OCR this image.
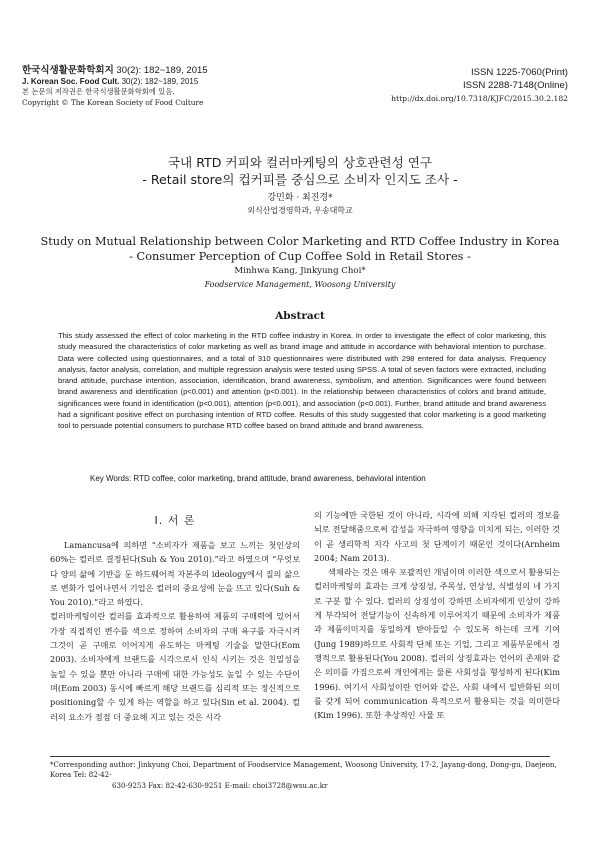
한국식생활문화학회지 30(2): 182~189, 2015
J. Korean Soc. Food Cult. 30(2): 182~189, 2015
본 논문의 저작권은 한국식생활문화학회에 있음.
Copyright © The Korean Society of Food Culture
ISSN 1225-7060(Print)
ISSN 2288-7148(Online)
http://dx.doi.org/10.7318/KJFC/2015.30.2.182
국내 RTD 커피와 컬러마케팅의 상호관련성 연구
- Retail store의 컵커피를 중심으로 소비자 인지도 조사 -
강민화 · 최진경*
외식산업경영학과, 우송대학교
Study on Mutual Relationship between Color Marketing and RTD Coffee Industry in Korea
- Consumer Perception of Cup Coffee Sold in Retail Stores -
Minhwa Kang, Jinkyung Choi*
Foodservice Management, Woosong University
Abstract
This study assessed the effect of color marketing in the RTD coffee industry in Korea. In order to investigate the effect of color marketing, this study measured the characteristics of color marketing as well as brand image and attitude in accordance with behavioral intention to purchase. Data were collected using questionnaires, and a total of 310 questionnaires were distributed with 298 entered for data analysis. Frequency analysis, factor analysis, correlation, and multiple regression analysis were tested using SPSS. A total of seven factors were extracted, including brand attitude, purchase intention, association, identification, brand awareness, symbolism, and attention. Significances were found between brand awareness and identification (p<0.001) and attention (p<0.001). In the relationship between characteristics of colors and brand attitude, significances were found in identification (p<0.001), attention (p<0.001), and association (p<0.001). Further, brand attitude and brand awareness had a significant positive effect on purchasing intention of RTD coffee. Results of this study suggested that color marketing is a good marketing tool to persuade potential consumers to purchase RTD coffee based on brand attitude and brand awareness.
Key Words: RTD coffee, color marketing, brand attitude, brand awareness, behavioral intention
I. 서 론

Lamancusa에 의하면 “소비자가 제품을 보고 느끼는 첫인상의 60%는 컬러로 결정된다(Suh & You 2010).”라고 하였으며 “무엇보다 양의 삶에 기반을 둔 하드웨어적 자본주의 ideology에서 질의 삶으로 변화가 일어나면서 기업은 컬러의 중요성에 눈을 뜨고 있다(Suh & You 2010).”라고 하였다.

컬러마케팅이란 컬러를 효과적으로 활용하여 제품의 구매력에 있어서 가장 직접적인 변수를 색으로 정하여 소비자의 구매 욕구를 자극시켜 그것이 곧 구매로 이어지게 유도하는 마케팅 기술을 말한다(Eom 2003). 소비자에게 브랜드를 시각으로서 인식 시키는 것은 친밀성을 높일 수 있을 뿐만 아니라 구매에 대한 가능성도 높일 수 있는 수단이며(Eom 2003) 동시에 빠르게 해당 브랜드를 심리적 또는 정신적으로 positioning할 수 있게 하는 역할을 하고 있다(Sin et al. 2004). 컬러의 요소가 점점 더 중요해 지고 있는 것은 시각

의 기능에만 국한된 것이 아니라, 시각에 의해 지각된 컬러의 정보를 뇌로 전달해줌으로써 감성을 자극하여 영향을 미치게 되는, 이러한 것이 곧 생리학적 지각 사고의 첫 단계이기 때문인 것이다(Arnheim 2004; Nam 2013).

색채라는 것은 매우 포괄적인 개념이며 이러한 색으로서 활용되는 컬러마케팅의 효과는 크게 상징성, 주목성, 연상성, 식별성의 네 가지로 구분 할 수 있다. 컬러의 상징성이 강하면 소비자에게 인상이 강하게 부각되어 전달기능이 신속하게 이루어지기 때문에 소비자가 제품과 제품이미지를 동일하게 받아들일 수 있도록 하는데 크게 기여(Jung 1989)하므로 사회적 단체 또는 기업, 그리고 제품부문에서 경쟁적으로 활용된다(You 2008). 컬러의 상징효과는 언어의 존재와 같은 의미를 가짐으로써 개인에게는 물론 사회성을 형성하게 된다(Kim 1996). 여기서 사회성이란 언어와 같은, 사회 내에서 일반화된 의미를 갖게 되어 communication 목적으로서 활용되는 것을 의미한다(Kim 1996). 또한 추상적인 사물 또

*Corresponding author: Jinkyung Choi, Department of Foodservice Management, Woosong University, 17-2, Jayang-dong, Dong-gu, Daejeon, Korea Tel: 82-42-
630-9253 Fax: 82-42-630-9251 E-mail: choi3728@wsu.ac.kr
